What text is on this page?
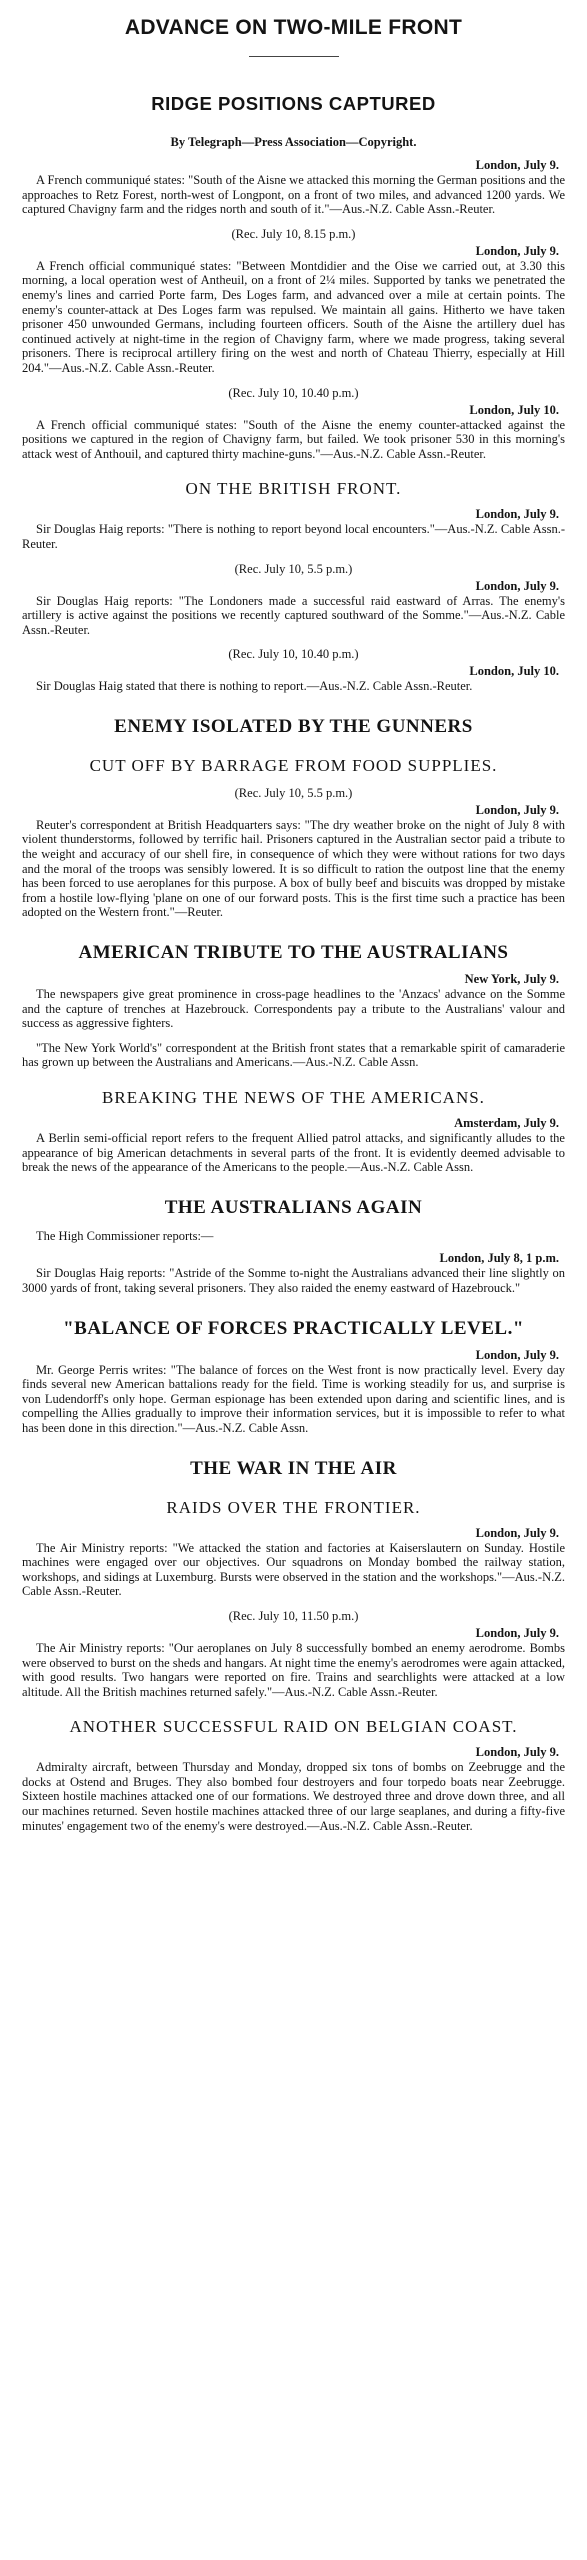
ADVANCE ON TWO-MILE FRONT
RIDGE POSITIONS CAPTURED
By Telegraph—Press Association—Copyright.
London, July 9.

A French communiqué states: "South of the Aisne we attacked this morning the German positions and the approaches to Retz Forest, north-west of Longpont, on a front of two miles, and advanced 1200 yards. We captured Chavigny farm and the ridges north and south of it."—Aus.-N.Z. Cable Assn.-Reuter.

(Rec. July 10, 8.15 p.m.)
London, July 9.

A French official communiqué states: "Between Montdidier and the Oise we carried out, at 3.30 this morning, a local operation west of Antheuil, on a front of 2¼ miles. Supported by tanks we penetrated the enemy's lines and carried Porte farm, Des Loges farm, and advanced over a mile at certain points. The enemy's counter-attack at Des Loges farm was repulsed. We maintain all gains. Hitherto we have taken prisoner 450 unwounded Germans, including fourteen officers. South of the Aisne the artillery duel has continued actively at night-time in the region of Chavigny farm, where we made progress, taking several prisoners. There is reciprocal artillery firing on the west and north of Chateau Thierry, especially at Hill 204."—Aus.-N.Z. Cable Assn.-Reuter.

(Rec. July 10, 10.40 p.m.)
London, July 10.

A French official communiqué states: "South of the Aisne the enemy counter-attacked against the positions we captured in the region of Chavigny farm, but failed. We took prisoner 530 in this morning's attack west of Anthouil, and captured thirty machine-guns."—Aus.-N.Z. Cable Assn.-Reuter.

ON THE BRITISH FRONT.
London, July 9.

Sir Douglas Haig reports: "There is nothing to report beyond local encounters."—Aus.-N.Z. Cable Assn.-Reuter.

(Rec. July 10, 5.5 p.m.)
London, July 9.

Sir Douglas Haig reports: "The Londoners made a successful raid eastward of Arras. The enemy's artillery is active against the positions we recently captured southward of the Somme."—Aus.-N.Z. Cable Assn.-Reuter.

(Rec. July 10, 10.40 p.m.)
London, July 10.

Sir Douglas Haig stated that there is nothing to report.—Aus.-N.Z. Cable Assn.-Reuter.

ENEMY ISOLATED BY THE GUNNERS
CUT OFF BY BARRAGE FROM FOOD SUPPLIES.
(Rec. July 10, 5.5 p.m.)
London, July 9.

Reuter's correspondent at British Headquarters says: "The dry weather broke on the night of July 8 with violent thunderstorms, followed by terrific hail. Prisoners captured in the Australian sector paid a tribute to the weight and accuracy of our shell fire, in consequence of which they were without rations for two days and the moral of the troops was sensibly lowered. It is so difficult to ration the outpost line that the enemy has been forced to use aeroplanes for this purpose. A box of bully beef and biscuits was dropped by mistake from a hostile low-flying 'plane on one of our forward posts. This is the first time such a practice has been adopted on the Western front."—Reuter.

AMERICAN TRIBUTE TO THE AUSTRALIANS
New York, July 9.

The newspapers give great prominence in cross-page headlines to the 'Anzacs' advance on the Somme and the capture of trenches at Hazebrouck. Correspondents pay a tribute to the Australians' valour and success as aggressive fighters.

"The New York World's" correspondent at the British front states that a remarkable spirit of camaraderie has grown up between the Australians and Americans.—Aus.-N.Z. Cable Assn.

BREAKING THE NEWS OF THE AMERICANS.
Amsterdam, July 9.

A Berlin semi-official report refers to the frequent Allied patrol attacks, and significantly alludes to the appearance of big American detachments in several parts of the front. It is evidently deemed advisable to break the news of the appearance of the Americans to the people.—Aus.-N.Z. Cable Assn.

THE AUSTRALIANS AGAIN

The High Commissioner reports:—

London, July 8, 1 p.m.

Sir Douglas Haig reports: "Astride of the Somme to-night the Australians advanced their line slightly on 3000 yards of front, taking several prisoners. They also raided the enemy eastward of Hazebrouck."

"BALANCE OF FORCES PRACTICALLY LEVEL."
London, July 9.

Mr. George Perris writes: "The balance of forces on the West front is now practically level. Every day finds several new American battalions ready for the field. Time is working steadily for us, and surprise is von Ludendorff's only hope. German espionage has been extended upon daring and scientific lines, and is compelling the Allies gradually to improve their information services, but it is impossible to refer to what has been done in this direction."—Aus.-N.Z. Cable Assn.

THE WAR IN THE AIR
RAIDS OVER THE FRONTIER.
London, July 9.

The Air Ministry reports: "We attacked the station and factories at Kaiserslautern on Sunday. Hostile machines were engaged over our objectives. Our squadrons on Monday bombed the railway station, workshops, and sidings at Luxemburg. Bursts were observed in the station and the workshops."—Aus.-N.Z. Cable Assn.-Reuter.

(Rec. July 10, 11.50 p.m.)
London, July 9.

The Air Ministry reports: "Our aeroplanes on July 8 successfully bombed an enemy aerodrome. Bombs were observed to burst on the sheds and hangars. At night time the enemy's aerodromes were again attacked, with good results. Two hangars were reported on fire. Trains and searchlights were attacked at a low altitude. All the British machines returned safely."—Aus.-N.Z. Cable Assn.-Reuter.

ANOTHER SUCCESSFUL RAID ON BELGIAN COAST.
London, July 9.

Admiralty aircraft, between Thursday and Monday, dropped six tons of bombs on Zeebrugge and the docks at Ostend and Bruges. They also bombed four destroyers and four torpedo boats near Zeebrugge. Sixteen hostile machines attacked one of our formations. We destroyed three and drove down three, and all our machines returned. Seven hostile machines attacked three of our large seaplanes, and during a fifty-five minutes' engagement two of the enemy's were destroyed.—Aus.-N.Z. Cable Assn.-Reuter.
